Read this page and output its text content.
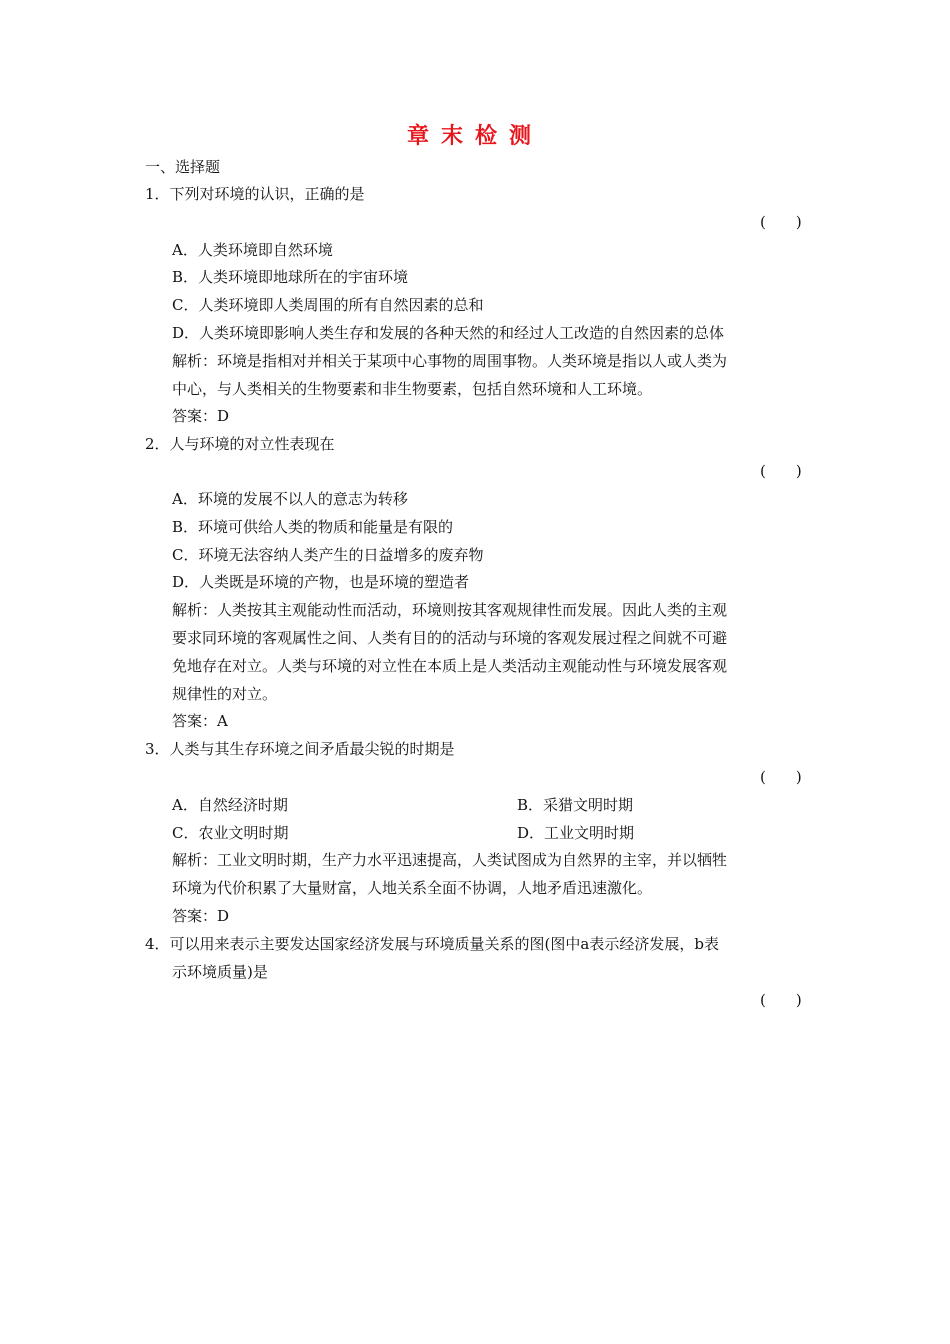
章末检测
一、选择题
1．下列对环境的认识，正确的是
(　　)
A．人类环境即自然环境
B．人类环境即地球所在的宇宙环境
C．人类环境即人类周围的所有自然因素的总和
D．人类环境即影响人类生存和发展的各种天然的和经过人工改造的自然因素的总体
解析：环境是指相对并相关于某项中心事物的周围事物。人类环境是指以人或人类为
中心，与人类相关的生物要素和非生物要素，包括自然环境和人工环境。
答案：D
2．人与环境的对立性表现在
(　　)
A．环境的发展不以人的意志为转移
B．环境可供给人类的物质和能量是有限的
C．环境无法容纳人类产生的日益增多的废弃物
D．人类既是环境的产物，也是环境的塑造者
解析：人类按其主观能动性而活动，环境则按其客观规律性而发展。因此人类的主观
要求同环境的客观属性之间、人类有目的的活动与环境的客观发展过程之间就不可避
免地存在对立。人类与环境的对立性在本质上是人类活动主观能动性与环境发展客观
规律性的对立。
答案：A
3．人类与其生存环境之间矛盾最尖锐的时期是
(　　)
A．自然经济时期	B．采猎文明时期
C．农业文明时期	D．工业文明时期
解析：工业文明时期，生产力水平迅速提高，人类试图成为自然界的主宰，并以牺牲
环境为代价积累了大量财富，人地关系全面不协调，人地矛盾迅速激化。
答案：D
4．可以用来表示主要发达国家经济发展与环境质量关系的图(图中a表示经济发展，b表
示环境质量)是
(　　)
